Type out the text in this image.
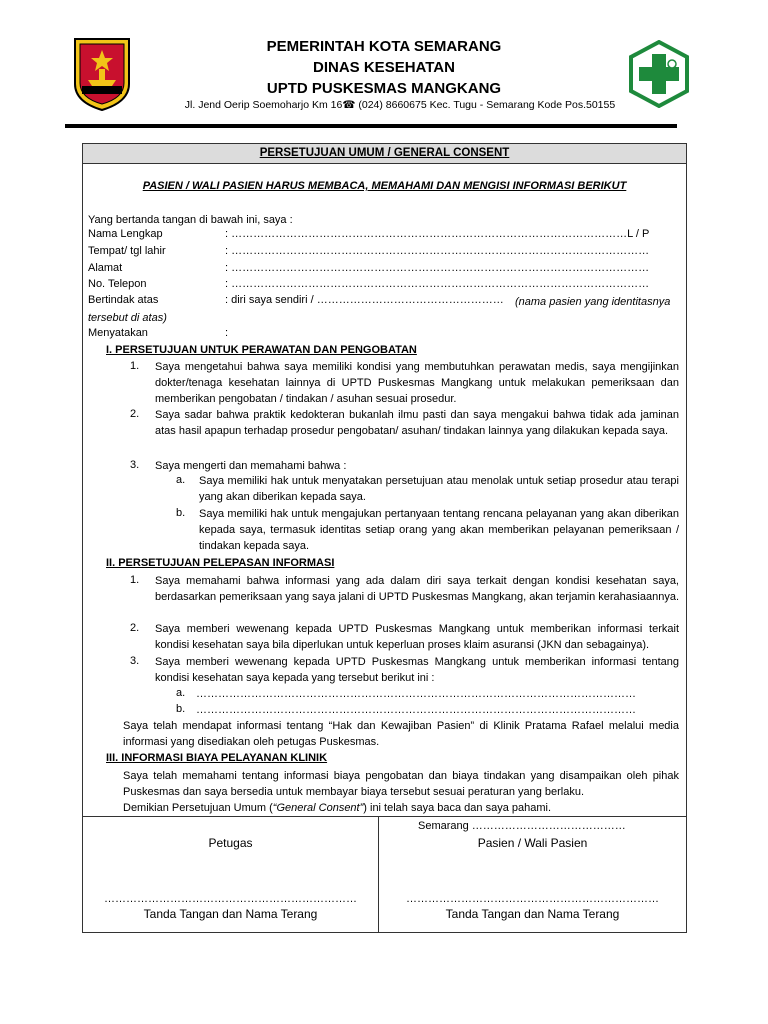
PEMERINTAH KOTA SEMARANG
DINAS KESEHATAN
UPTD PUSKESMAS MANGKANG
Jl. Jend Oerip Soemoharjo Km 16☎ (024) 8660675 Kec. Tugu - Semarang Kode Pos.50155
PERSETUJUAN UMUM / GENERAL CONSENT
PASIEN / WALI PASIEN HARUS MEMBACA, MEMAHAMI DAN MENGISI INFORMASI BERIKUT
Yang bertanda tangan di bawah ini, saya :
Nama Lengkap	: ………………………………………………………………………………………………L / P
Tempat/ tgl lahir	: ……………………………………………………………………………………………………
Alamat	: ……………………………………………………………………………………………………
No. Telepon	: ……………………………………………………………………………………………………
Bertindak atas	: diri saya sendiri / …………………………………………… (nama pasien yang identitasnya
tersebut di atas)
Menyatakan	:
I. PERSETUJUAN UNTUK PERAWATAN DAN PENGOBATAN
1. Saya mengetahui bahwa saya memiliki kondisi yang membutuhkan perawatan medis, saya mengijinkan dokter/tenaga kesehatan lainnya di UPTD Puskesmas Mangkang untuk melakukan pemeriksaan dan memberikan pengobatan / tindakan / asuhan sesuai prosedur.
2. Saya sadar bahwa praktik kedokteran bukanlah ilmu pasti dan saya mengakui bahwa tidak ada jaminan atas hasil apapun terhadap prosedur pengobatan/ asuhan/ tindakan lainnya yang dilakukan kepada saya.
3. Saya mengerti dan memahami bahwa :
a. Saya memiliki hak untuk menyatakan persetujuan atau menolak untuk setiap prosedur atau terapi yang akan diberikan kepada saya.
b. Saya memiliki hak untuk mengajukan pertanyaan tentang rencana pelayanan yang akan diberikan kepada saya, termasuk identitas setiap orang yang akan memberikan pelayanan pemeriksaan / tindakan kepada saya.
II. PERSETUJUAN PELEPASAN INFORMASI
1. Saya memahami bahwa informasi yang ada dalam diri saya terkait dengan kondisi kesehatan saya, berdasarkan pemeriksaan yang saya jalani di UPTD Puskesmas Mangkang, akan terjamin kerahasiaannya.
2. Saya memberi wewenang kepada UPTD Puskesmas Mangkang untuk memberikan informasi terkait kondisi kesehatan saya bila diperlukan untuk keperluan proses klaim asuransi (JKN dan sebagainya).
3. Saya memberi wewenang kepada UPTD Puskesmas Mangkang untuk memberikan informasi tentang kondisi kesehatan saya kepada yang tersebut berikut ini :
a. …………………………………………………………………………………………………………
b. …………………………………………………………………………………………………………
Saya telah mendapat informasi tentang “Hak dan Kewajiban Pasien” di Klinik Pratama Rafael melalui media informasi yang disediakan oleh petugas Puskesmas.
III. INFORMASI BIAYA PELAYANAN KLINIK
Saya telah memahami tentang informasi biaya pengobatan dan biaya tindakan yang disampaikan oleh pihak Puskesmas dan saya bersedia untuk membayar biaya tersebut sesuai peraturan yang berlaku.
Demikian Persetujuan Umum (“General Consent”) ini telah saya baca dan saya pahami.
Semarang ……………………………………
Petugas	Pasien / Wali Pasien
……………………………………………………………	……………………………………………………………
Tanda Tangan dan Nama Terang	Tanda Tangan dan Nama Terang
